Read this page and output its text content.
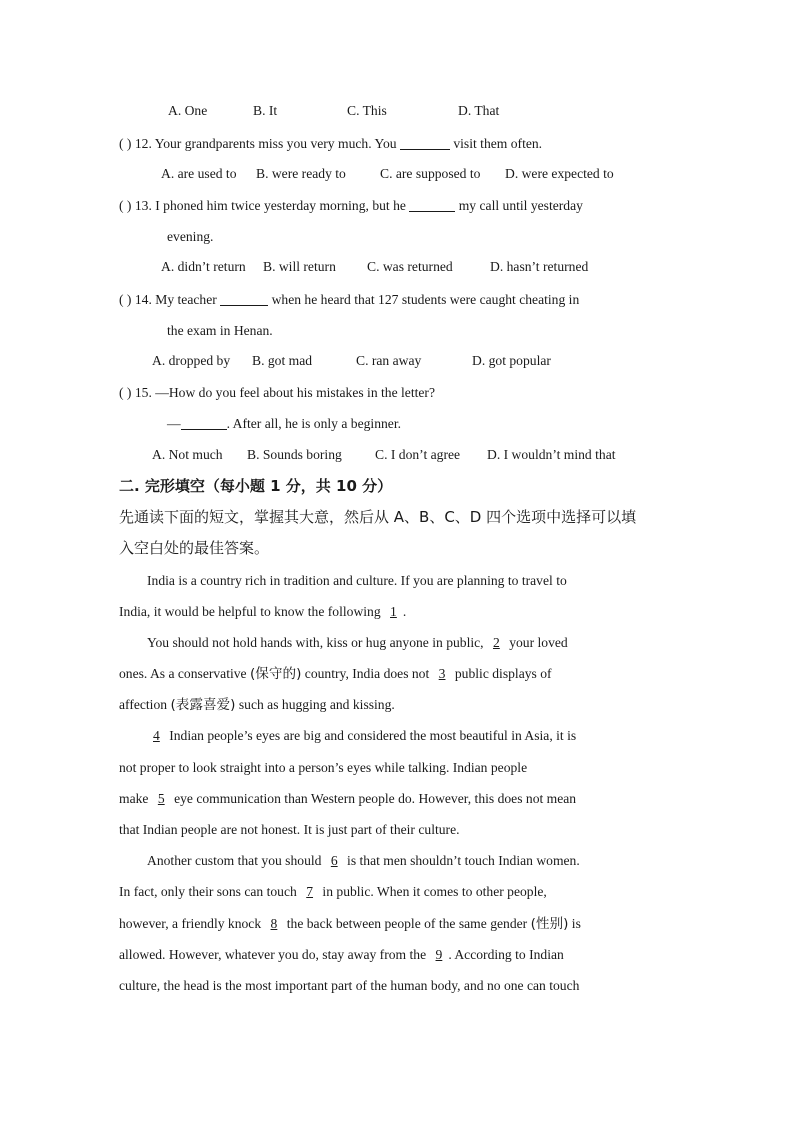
A. One	B. It	C. This	D. That
( ) 12. Your grandparents miss you very much. You	visit them often.
A. are used to B. were ready to	C. are supposed to D. were expected to
( ) 13. I phoned him twice yesterday morning, but he	my call until yesterday
evening.
A. didn’t return B. will return C. was returned	D. hasn’t returned
( ) 14. My teacher	when he heard that 127 students were caught cheating in
the exam in Henan.
A. dropped by B. got mad	C. ran away	D. got popular
( ) 15. —How do you feel about his mistakes in the letter?
—	. After all, he is only a beginner.
A. Not much B. Sounds boring C. I don’t agree D. I wouldn’t mind that
二. 完形填空（每小题 1 分，共 10 分）
先通读下面的短文，掌握其大意，然后从 A、B、C、D 四个选项中选择可以填
入空白处的最佳答案。
India is a country rich in tradition and culture. If you are planning to travel to
India, it would be helpful to know the following 1 .
You should not hold hands with, kiss or hug anyone in public, 2 your loved
ones. As a conservative (保守的) country, India does not 3 public displays of
affection (表露喜爱) such as hugging and kissing.
4 Indian people’s eyes are big and considered the most beautiful in Asia, it is
not proper to look straight into a person’s eyes while talking. Indian people
make 5 eye communication than Western people do. However, this does not mean
that Indian people are not honest. It is just part of their culture.
Another custom that you should 6 is that men shouldn’t touch Indian women.
In fact, only their sons can touch 7 in public. When it comes to other people,
however, a friendly knock 8 the back between people of the same gender (性别) is
allowed. However, whatever you do, stay away from the 9 . According to Indian
culture, the head is the most important part of the human body, and no one can touch
